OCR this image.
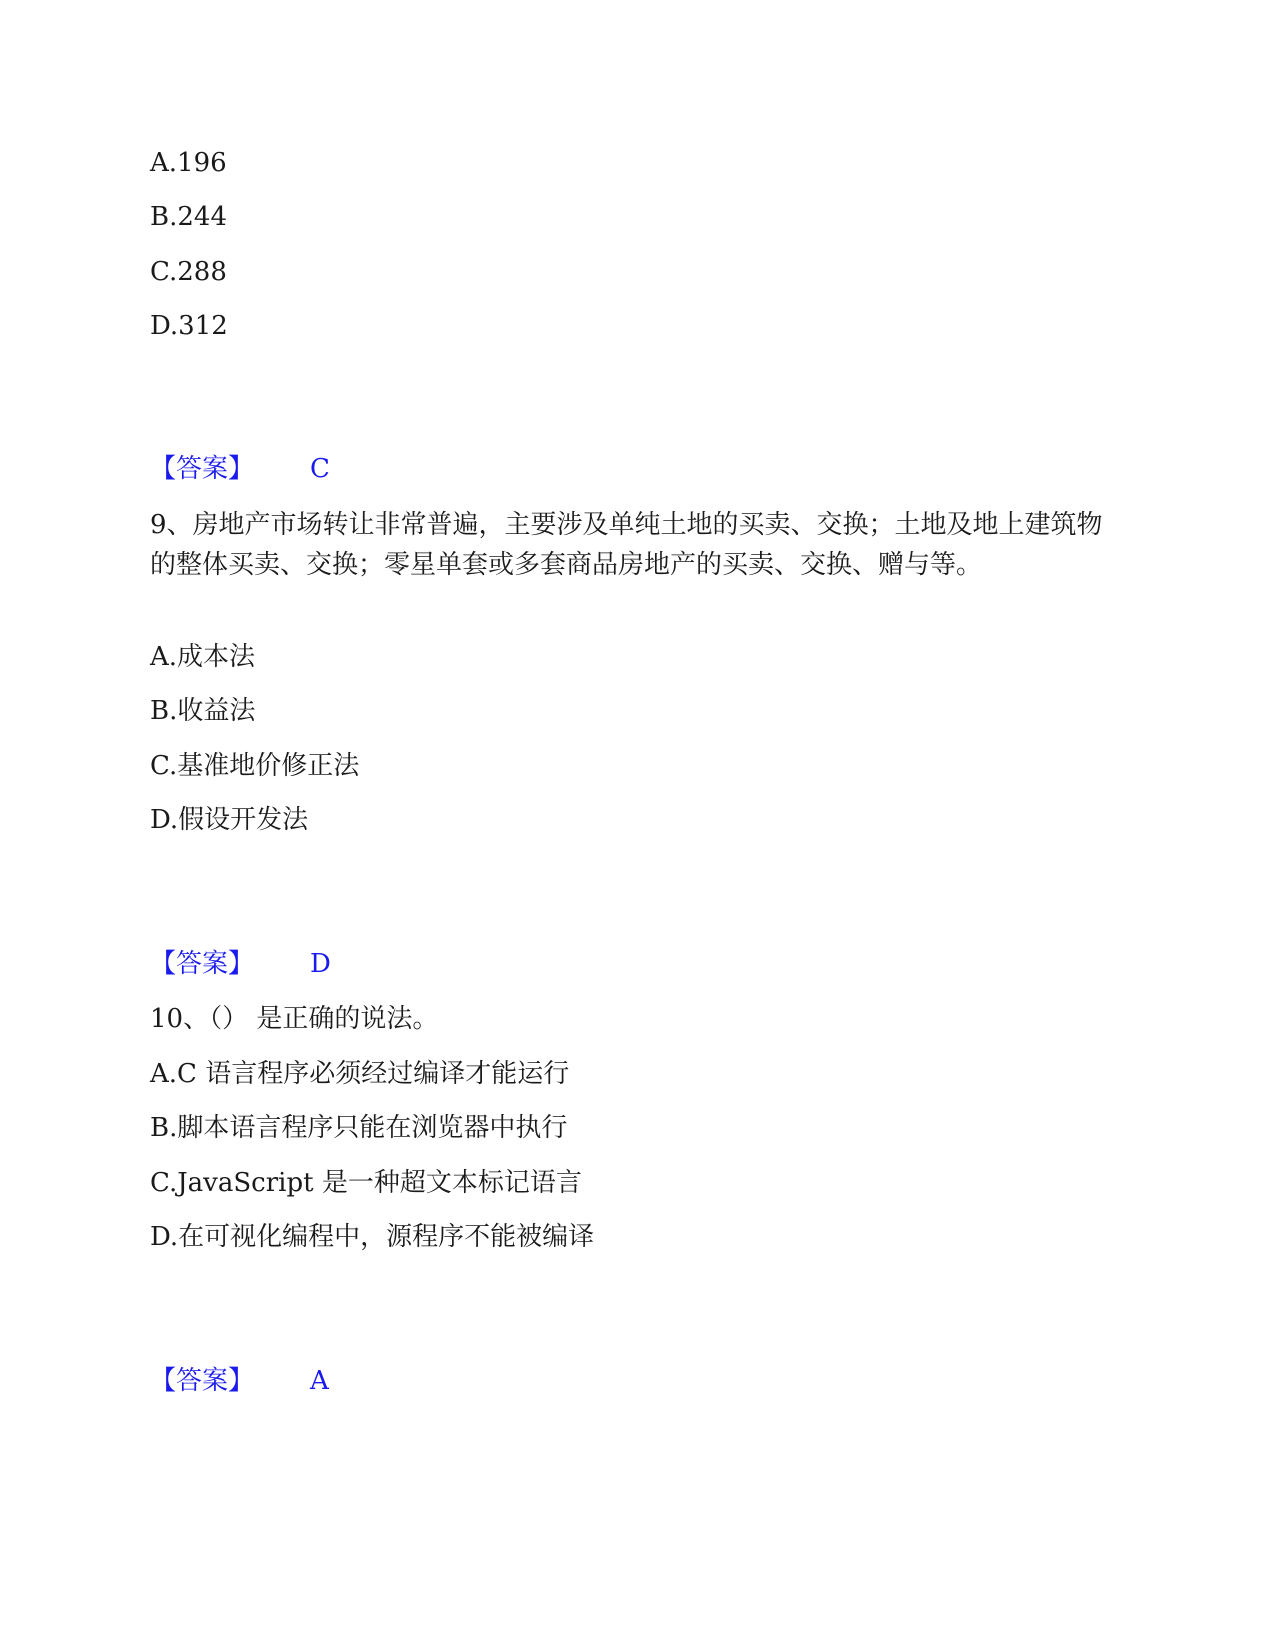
A.196
B.244
C.288
D.312
【答案】 C
9、房地产市场转让非常普遍，主要涉及单纯土地的买卖、交换；土地及地上建筑物的整体买卖、交换；零星单套或多套商品房地产的买卖、交换、赠与等。
A.成本法
B.收益法
C.基准地价修正法
D.假设开发法
【答案】 D
10、（） 是正确的说法。
A.C 语言程序必须经过编译才能运行
B.脚本语言程序只能在浏览器中执行
C.JavaScript 是一种超文本标记语言
D.在可视化编程中，源程序不能被编译
【答案】 A
